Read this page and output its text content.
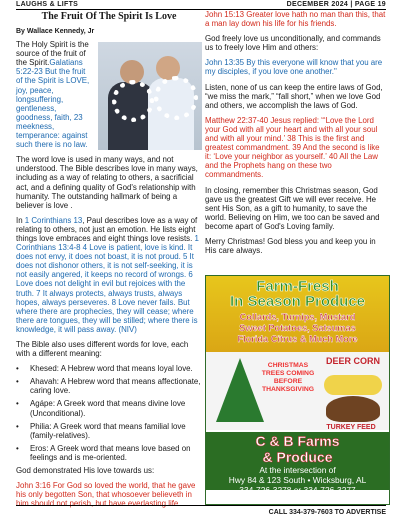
LAUGHS & LIFTS	DECEMBER 2024 | PAGE 19
The Fruit Of The Spirit Is Love
By Wallace Kennedy, Jr

The Holy Spirit is the source of the fruit of the Spirit.Galatians 5:22-23 But the fruit of the Spirit is LOVE, joy, peace, longsuffering, gentleness, goodness, faith, 23 meekness, temperance: against such there is no law.

The word love is used in many ways, and not understood. The Bible describes love in many ways, including as a way of relating to others, a sacrificial act, and a defining quality of God's relationship with humanity. The outstanding hallmark of being a believer is love .

In 1 Corinthians 13, Paul describes love as a way of relating to others, not just an emotion. He lists eight things love embraces and eight things love resists. 1 Corinthians 13:4-8 4 Love is patient, love is kind. It does not envy, it does not boast, it is not proud. 5 It does not dishonor others, it is not self-seeking, it is not easily angered, it keeps no record of wrongs. 6 Love does not delight in evil but rejoices with the truth. 7 It always protects, always trusts, always hopes, always perseveres. 8 Love never fails. But where there are prophecies, they will cease; where there are tongues, they will be stilled; where there is knowledge, it will pass away. (NIV)

The Bible also uses different words for love, each with a different meaning:

•	Khesed: A Hebrew word that means loyal love.
•	Ahavah: A Hebrew word that means affectionate, caring love.
•	Agápe: A Greek word that means divine love (Unconditional).
•	Philia: A Greek word that means familial love (family-relatives).
•	Eros: A Greek word that means love based on feelings and is me-oriented.

God demonstrated His love towards us:

John 3:16 For God so loved the world, that he gave his only begotten Son, that whosoever believeth in him should not perish, but have everlasting life.

John 15:13 Greater love hath no man than this, that a man lay down his life for his friends.

God freely love us unconditionally, and commands us to freely love Him and others:

John 13:35 By this everyone will know that you are my disciples, if you love one another."

Listen, none of us can keep the entire laws of God, “we miss the mark,” “fall short,” when we love God and others, we accomplish the laws of God.

Matthew 22:37-40 Jesus replied: “‘Love the Lord your God with all your heart and with all your soul and with all your mind.’ 38 This is the first and greatest commandment. 39 And the second is like it: ‘Love your neighbor as yourself.’ 40 All the Law and the Prophets hang on these two commandments.

In closing, remember this Christmas season, God gave us the greatest Gift we will ever receive. He sent His Son, as a gift to humanity, to save the world. Believing on Him, we too can be saved and become apart of God's Loving family.

Merry Christmas! God bless you and keep you in His care always.

Farm-Fresh
In Season Produce
Collards, Turnips, Mustard
Sweet Potatoes, Satsumas
Florida Citrus & Much More
CHRISTMAS TREES COMING BEFORE THANKSGIVING
DEER CORN
TURKEY FEED
C & B Farms
& Produce
At the intersection of
Hwy 84 & 123 South • Wicksburg, AL
334-726-3278 or 334-726-3277
CALL 334-379-7603 TO ADVERTISE
